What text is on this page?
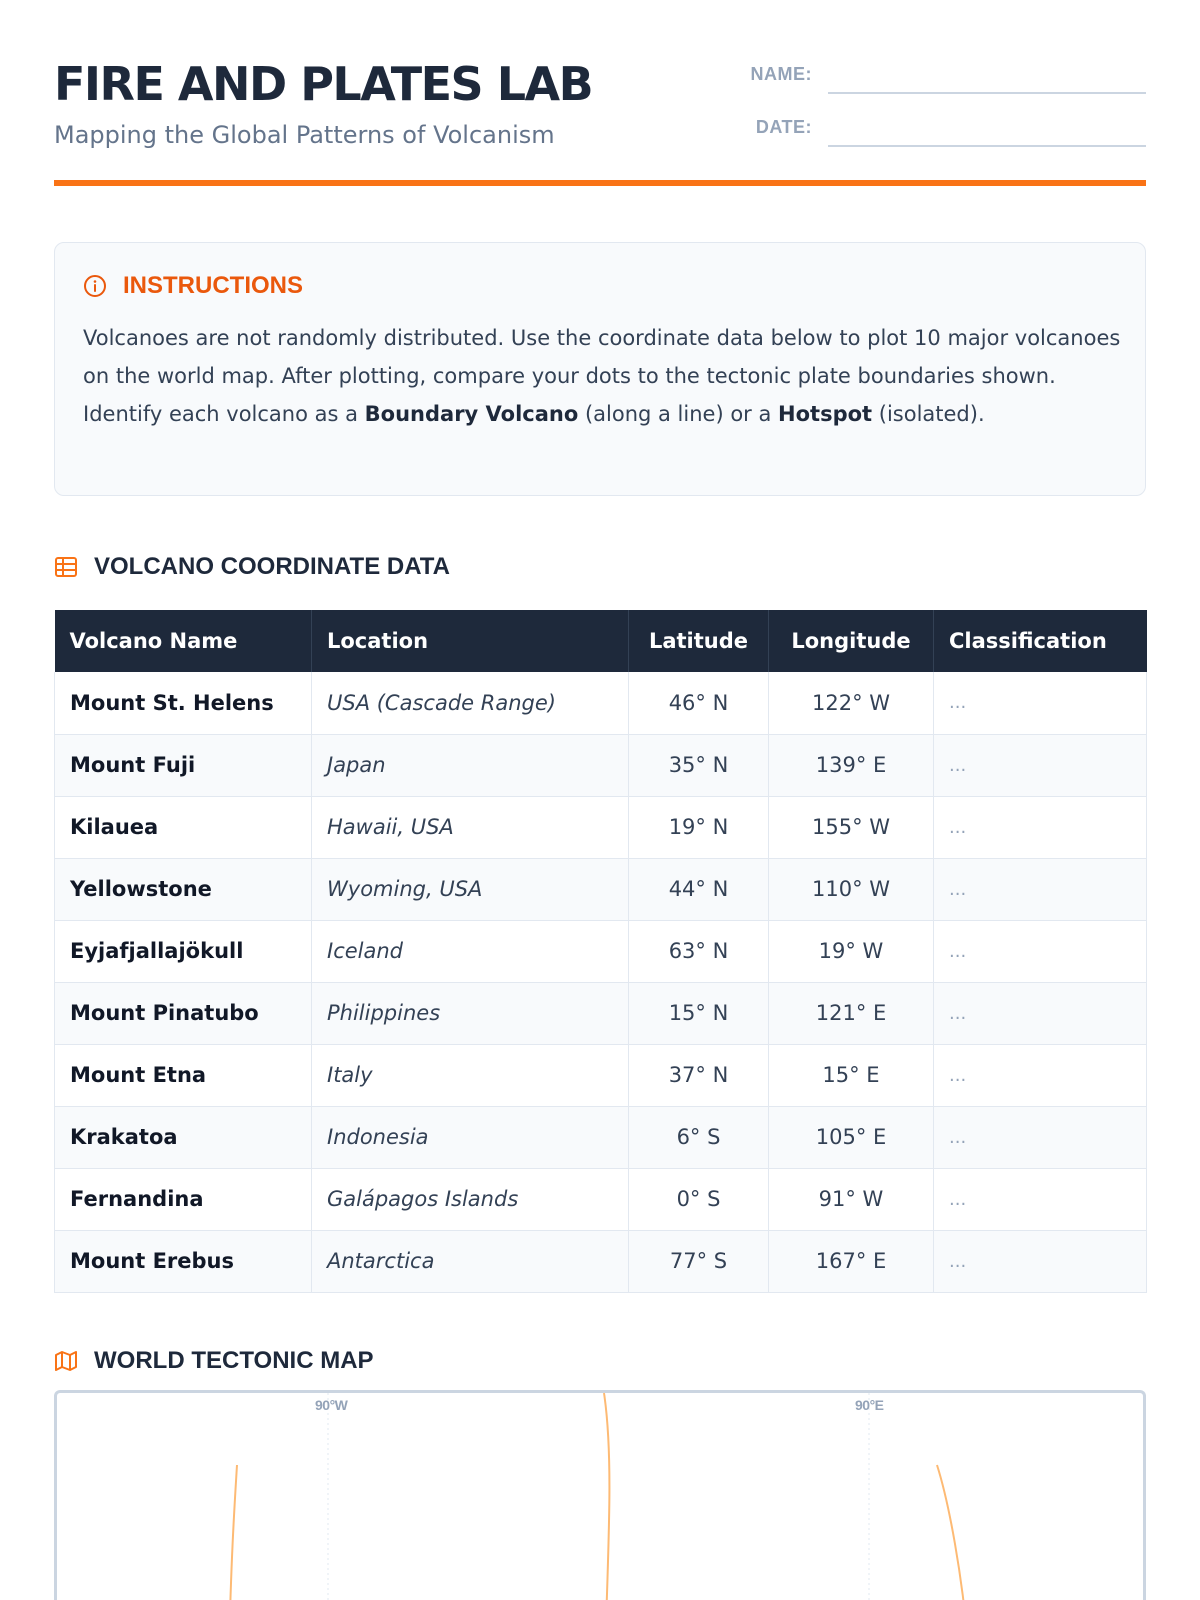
FIRE AND PLATES LAB
Mapping the Global Patterns of Volcanism
NAME:
DATE:
INSTRUCTIONS

Volcanoes are not randomly distributed. Use the coordinate data below to plot 10 major volcanoes on the world map. After plotting, compare your dots to the tectonic plate boundaries shown. Identify each volcano as a Boundary Volcano (along a line) or a Hotspot (isolated).

VOLCANO COORDINATE DATA
Volcano Name	Location	Latitude	Longitude	Classification
Mount St. Helens	USA (Cascade Range)	46° N	122° W	...
Mount Fuji	Japan	35° N	139° E	...
Kilauea	Hawaii, USA	19° N	155° W	...
Yellowstone	Wyoming, USA	44° N	110° W	...
Eyjafjallajökull	Iceland	63° N	19° W	...
Mount Pinatubo	Philippines	15° N	121° E	...
Mount Etna	Italy	37° N	15° E	...
Krakatoa	Indonesia	6° S	105° E	...
Fernandina	Galápagos Islands	0° S	91° W	...
Mount Erebus	Antarctica	77° S	167° E	...
WORLD TECTONIC MAP
90°W	90°E
